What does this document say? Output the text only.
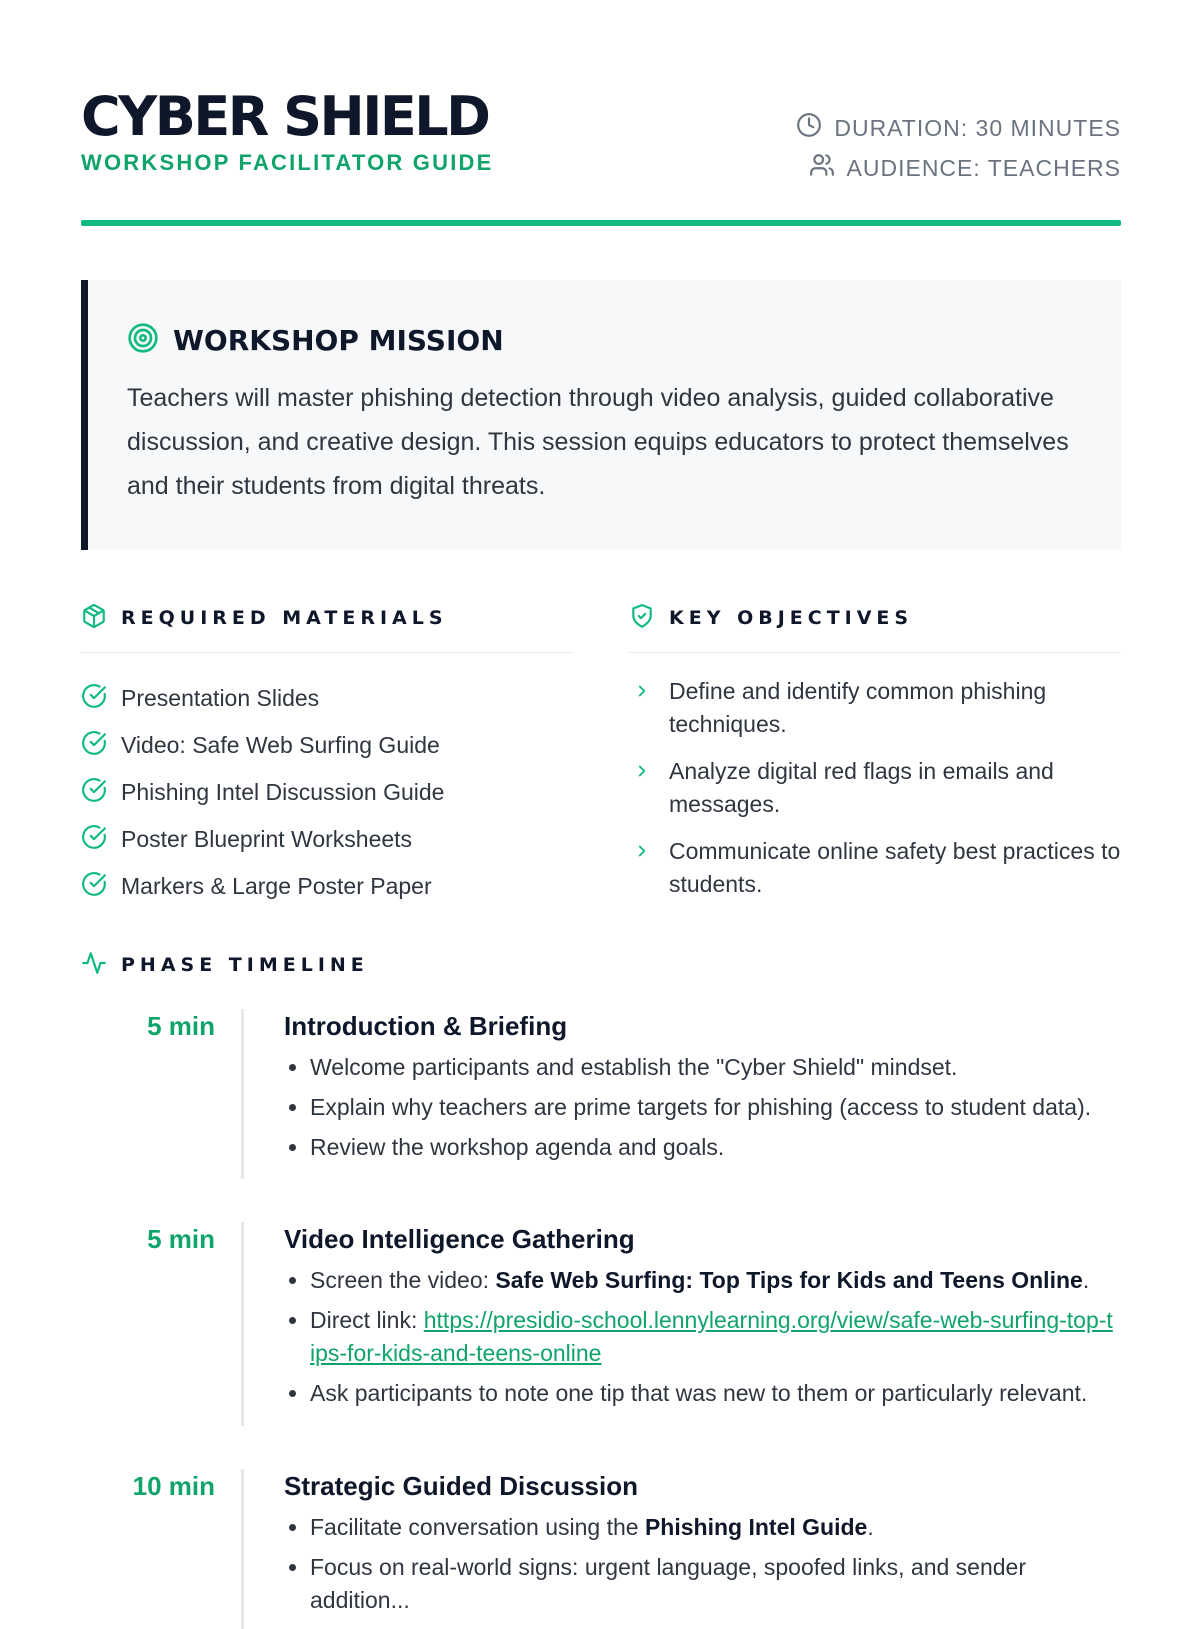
CYBER SHIELD
WORKSHOP FACILITATOR GUIDE
DURATION: 30 MINUTES
AUDIENCE: TEACHERS
WORKSHOP MISSION

Teachers will master phishing detection through video analysis, guided collaborative discussion, and creative design. This session equips educators to protect themselves and their students from digital threats.

REQUIRED MATERIALS
Presentation Slides
Video: Safe Web Surfing Guide
Phishing Intel Discussion Guide
Poster Blueprint Worksheets
Markers & Large Poster Paper
KEY OBJECTIVES
Define and identify common phishing techniques.
Analyze digital red flags in emails and messages.
Communicate online safety best practices to students.
PHASE TIMELINE
5 min	Introduction & Briefing
• Welcome participants and establish the "Cyber Shield" mindset.
• Explain why teachers are prime targets for phishing (access to student data).
• Review the workshop agenda and goals.
5 min	Video Intelligence Gathering
• Screen the video: Safe Web Surfing: Top Tips for Kids and Teens Online.
• Direct link: https://presidio-school.lennylearning.org/view/safe-web-surfing-top-tips-for-kids-and-teens-online
• Ask participants to note one tip that was new to them or particularly relevant.
10 min	Strategic Guided Discussion
• Facilitate conversation using the Phishing Intel Guide.
• Focus on real-world signs: urgent language, spoofed links, and sender addition...
